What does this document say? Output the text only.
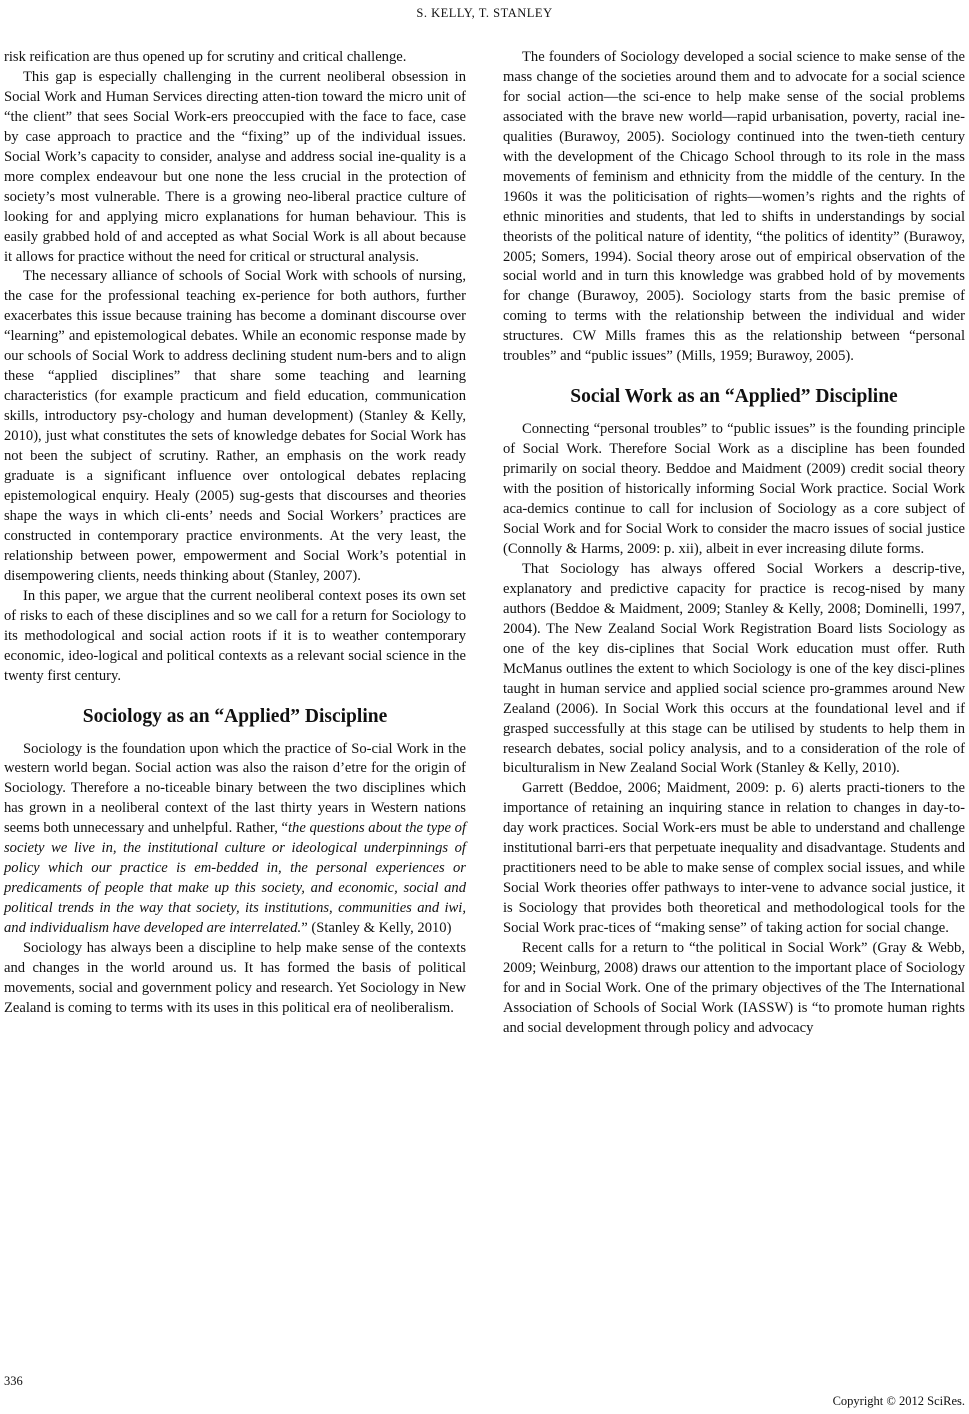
S. KELLY, T. STANLEY

risk reification are thus opened up for scrutiny and critical challenge.

This gap is especially challenging in the current neoliberal obsession in Social Work and Human Services directing atten-tion toward the micro unit of “the client” that sees Social Work-ers preoccupied with the face to face, case by case approach to practice and the “fixing” up of the individual issues. Social Work’s capacity to consider, analyse and address social ine-quality is a more complex endeavour but one none the less crucial in the protection of society’s most vulnerable. There is a growing neo-liberal practice culture of looking for and applying micro explanations for human behaviour. This is easily grabbed hold of and accepted as what Social Work is all about because it allows for practice without the need for critical or structural analysis.

The necessary alliance of schools of Social Work with schools of nursing, the case for the professional teaching ex-perience for both authors, further exacerbates this issue because training has become a dominant discourse over “learning” and epistemological debates. While an economic response made by our schools of Social Work to address declining student num-bers and to align these “applied disciplines” that share some teaching and learning characteristics (for example practicum and field education, communication skills, introductory psy-chology and human development) (Stanley & Kelly, 2010), just what constitutes the sets of knowledge debates for Social Work has not been the subject of scrutiny. Rather, an emphasis on the work ready graduate is a significant influence over ontological debates replacing epistemological enquiry. Healy (2005) sug-gests that discourses and theories shape the ways in which cli-ents’ needs and Social Workers’ practices are constructed in contemporary practice environments. At the very least, the relationship between power, empowerment and Social Work’s potential in disempowering clients, needs thinking about (Stanley, 2007).

In this paper, we argue that the current neoliberal context poses its own set of risks to each of these disciplines and so we call for a return for Sociology to its methodological and social action roots if it is to weather contemporary economic, ideo-logical and political contexts as a relevant social science in the twenty first century.

Sociology as an “Applied” Discipline

Sociology is the foundation upon which the practice of So-cial Work in the western world began. Social action was also the raison d’etre for the origin of Sociology. Therefore a no-ticeable binary between the two disciplines which has grown in a neoliberal context of the last thirty years in Western nations seems both unnecessary and unhelpful. Rather, “the questions about the type of society we live in, the institutional culture or ideological underpinnings of policy which our practice is em-bedded in, the personal experiences or predicaments of people that make up this society, and economic, social and political trends in the way that society, its institutions, communities and iwi, and individualism have developed are interrelated.” (Stanley & Kelly, 2010)

Sociology has always been a discipline to help make sense of the contexts and changes in the world around us. It has formed the basis of political movements, social and government policy and research. Yet Sociology in New Zealand is coming to terms with its uses in this political era of neoliberalism.

The founders of Sociology developed a social science to make sense of the mass change of the societies around them and to advocate for a social science for social action—the sci-ence to help make sense of the social problems associated with the brave new world—rapid urbanisation, poverty, racial ine-qualities (Burawoy, 2005). Sociology continued into the twen-tieth century with the development of the Chicago School through to its role in the mass movements of feminism and ethnicity from the middle of the century. In the 1960s it was the politicisation of rights—women’s rights and the rights of ethnic minorities and students, that led to shifts in understandings by social theorists of the political nature of identity, “the politics of identity” (Burawoy, 2005; Somers, 1994). Social theory arose out of empirical observation of the social world and in turn this knowledge was grabbed hold of by movements for change (Burawoy, 2005). Sociology starts from the basic premise of coming to terms with the relationship between the individual and wider structures. CW Mills frames this as the relationship between “personal troubles” and “public issues” (Mills, 1959; Burawoy, 2005).

Social Work as an “Applied” Discipline

Connecting “personal troubles” to “public issues” is the founding principle of Social Work. Therefore Social Work as a discipline has been founded primarily on social theory. Beddoe and Maidment (2009) credit social theory with the position of historically informing Social Work practice. Social Work aca-demics continue to call for inclusion of Sociology as a core subject of Social Work and for Social Work to consider the macro issues of social justice (Connolly & Harms, 2009: p. xii), albeit in ever increasing dilute forms.

That Sociology has always offered Social Workers a descrip-tive, explanatory and predictive capacity for practice is recog-nised by many authors (Beddoe & Maidment, 2009; Stanley & Kelly, 2008; Dominelli, 1997, 2004). The New Zealand Social Work Registration Board lists Sociology as one of the key dis-ciplines that Social Work education must offer. Ruth McManus outlines the extent to which Sociology is one of the key disci-plines taught in human service and applied social science pro-grammes around New Zealand (2006). In Social Work this occurs at the foundational level and if grasped successfully at this stage can be utilised by students to help them in research debates, social policy analysis, and to a consideration of the role of biculturalism in New Zealand Social Work (Stanley & Kelly, 2010).

Garrett (Beddoe, 2006; Maidment, 2009: p. 6) alerts practi-tioners to the importance of retaining an inquiring stance in relation to changes in day-to-day work practices. Social Work-ers must be able to understand and challenge institutional barri-ers that perpetuate inequality and disadvantage. Students and practitioners need to be able to make sense of complex social issues, and while Social Work theories offer pathways to inter-vene to advance social justice, it is Sociology that provides both theoretical and methodological tools for the Social Work prac-tices of “making sense” of taking action for social change.

Recent calls for a return to “the political in Social Work” (Gray & Webb, 2009; Weinburg, 2008) draws our attention to the important place of Sociology for and in Social Work. One of the primary objectives of the The International Association of Schools of Social Work (IASSW) is “to promote human rights and social development through policy and advocacy

336
Copyright © 2012 SciRes.
